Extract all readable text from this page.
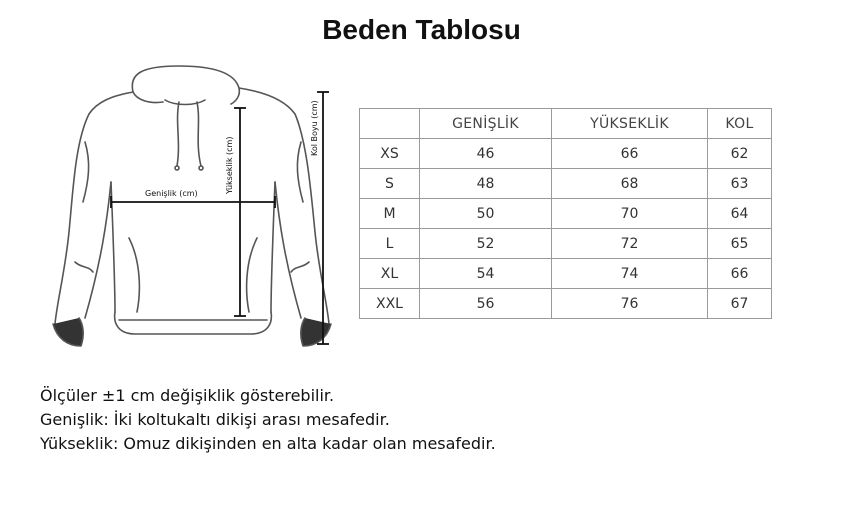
Beden Tablosu
Genişlik (cm)	Yükseklik (cm)
Kol Boyu (cm)
		GENİŞLİK	YÜKSEKLİK	KOL
XS	46	66	62
S	48	68	63
M	50	70	64
L	52	72	65
XL	54	74	66
XXL	56	76	67
Ölçüler ±1 cm değişiklik gösterebilir.
Genişlik: İki koltukaltı dikişi arası mesafedir.
Yükseklik: Omuz dikişinden en alta kadar olan mesafedir.
